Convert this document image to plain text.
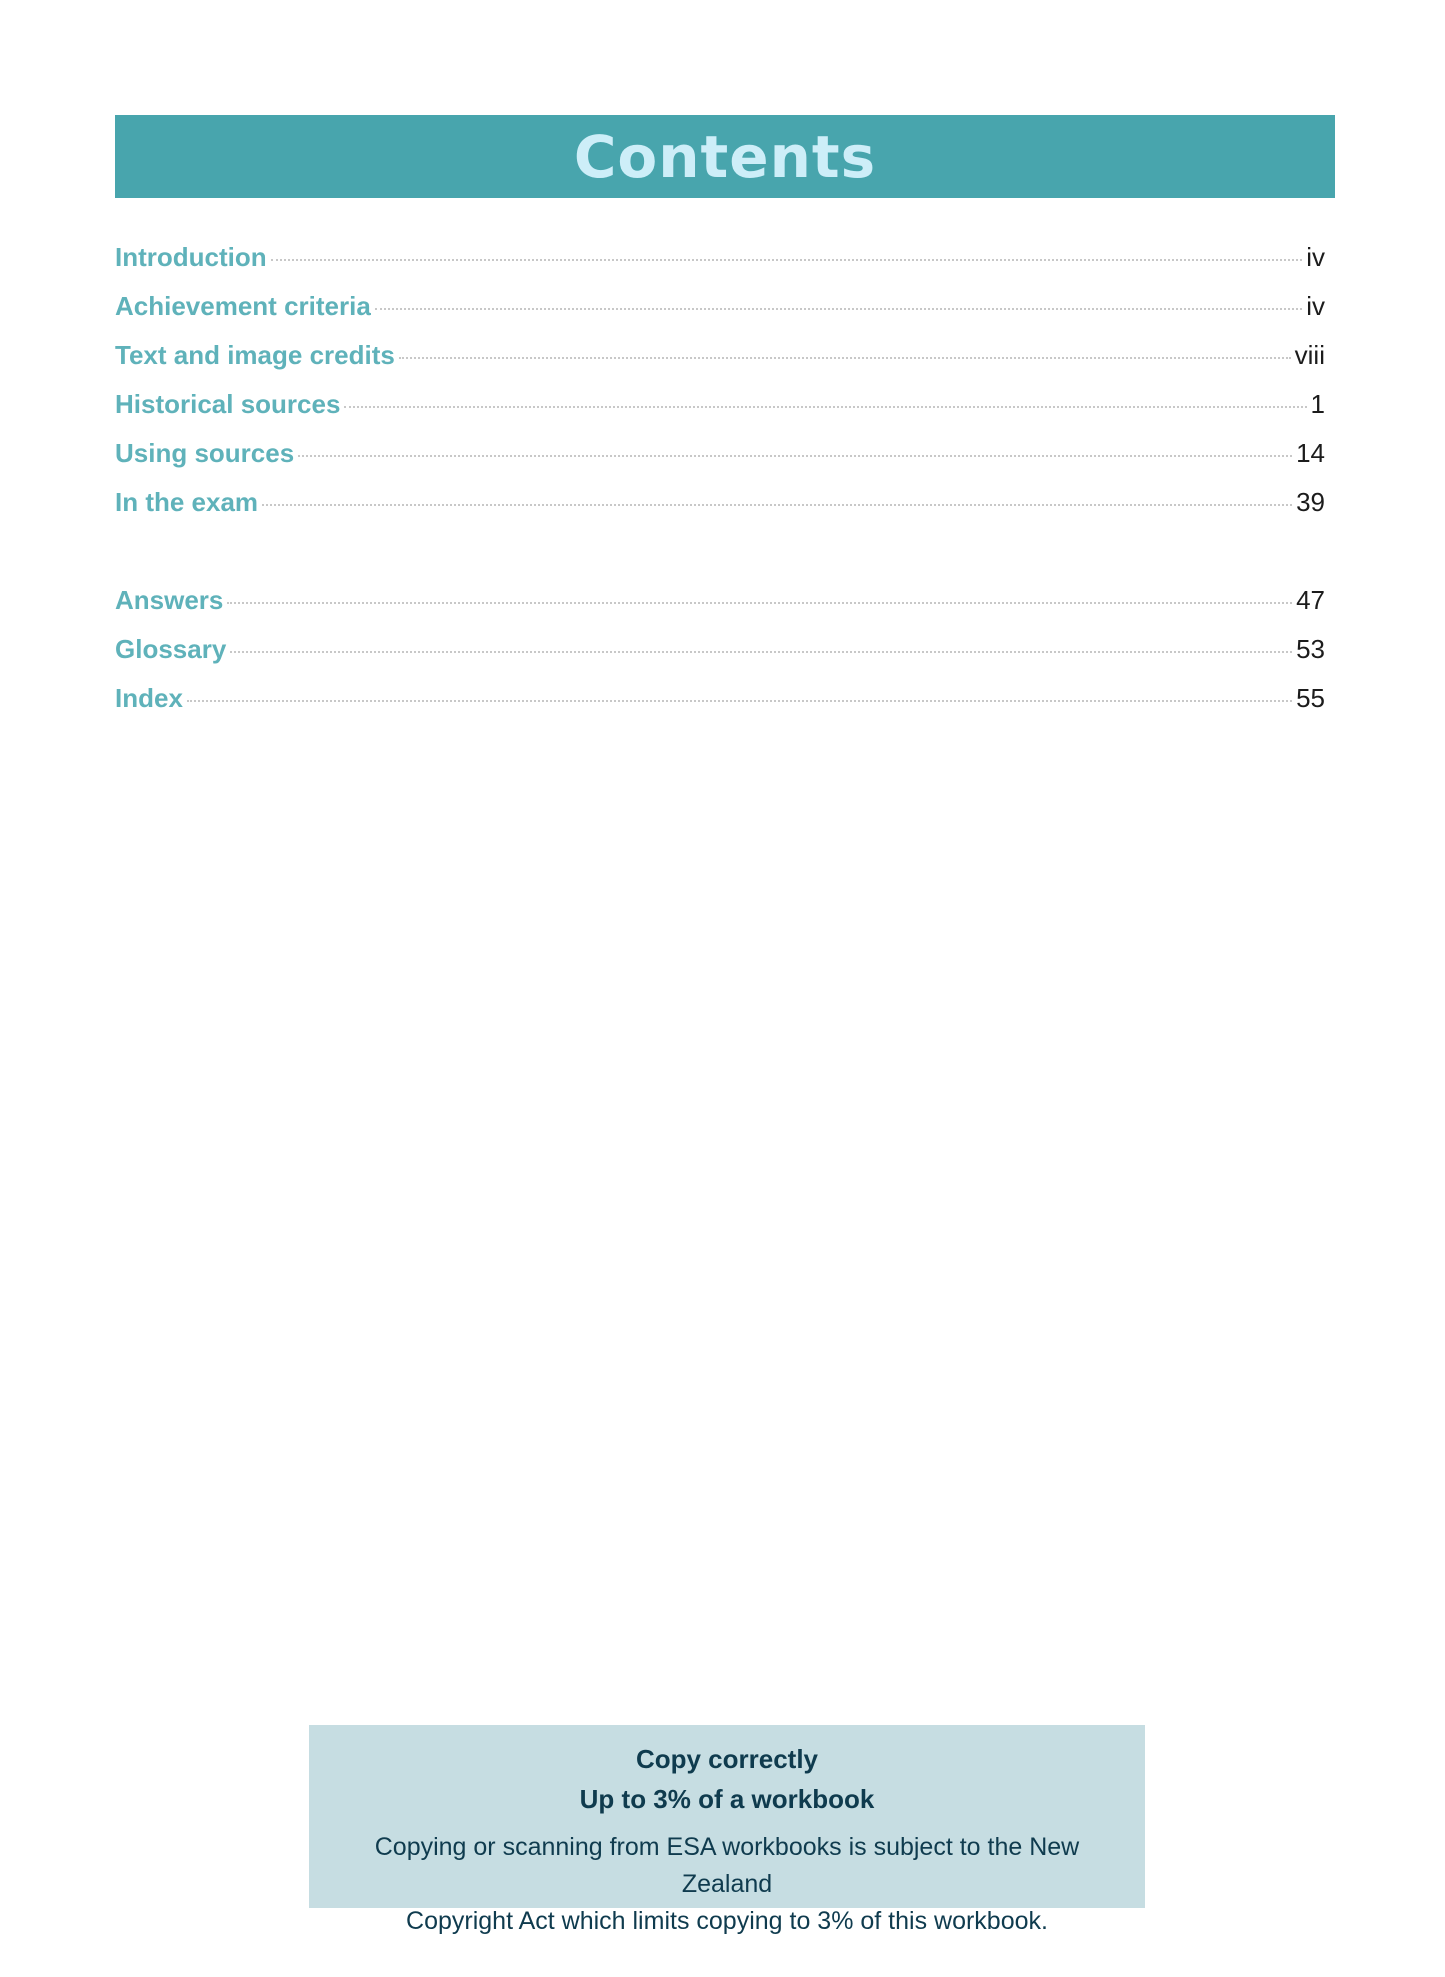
Contents
Introduction	iv
Achievement criteria	iv
Text and image credits	viii
Historical sources	1
Using sources	14
In the exam	39
Answers	47
Glossary	53
Index	55
Copy correctly
Up to 3% of a workbook
Copying or scanning from ESA workbooks is subject to the New Zealand
Copyright Act which limits copying to 3% of this workbook.
